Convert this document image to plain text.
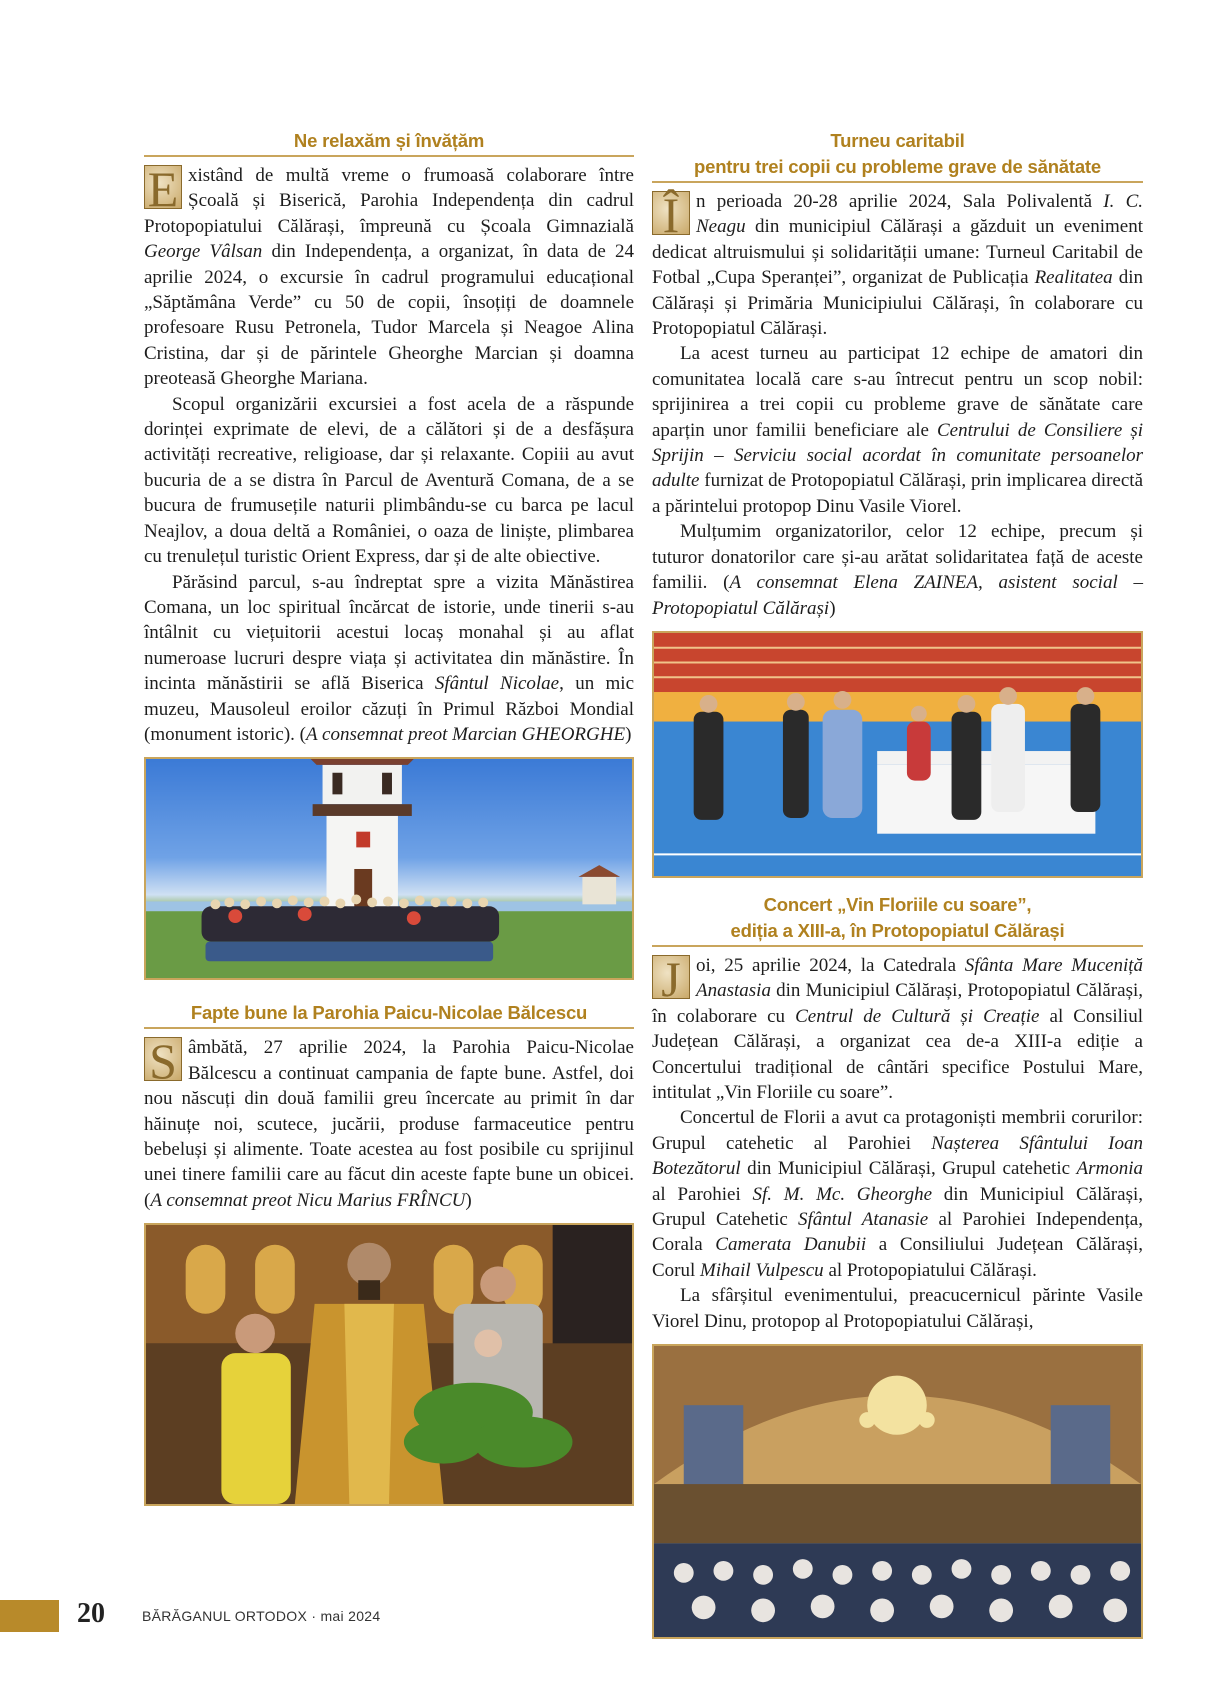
Ne relaxăm și învățăm

E xistând de multă vreme o frumoasă colaborare între Școală și Biserică, Parohia Independența din cadrul Protopopiatului Călărași, împreună cu Școala Gimnazială George Vâlsan din Independența, a organizat, în data de 24 aprilie 2024, o excursie în cadrul programului educațional „Săptămâna Verde” cu 50 de copii, însoțiți de doamnele profesoare Rusu Petronela, Tudor Marcela și Neagoe Alina Cristina, dar și de părintele Gheorghe Marcian și doamna preoteasă Gheorghe Mariana.

Scopul organizării excursiei a fost acela de a răspunde dorinței exprimate de elevi, de a călători și de a desfășura activități recreative, religioase, dar și relaxante. Copiii au avut bucuria de a se distra în Parcul de Aventură Comana, de a se bucura de frumusețile naturii plimbându-se cu barca pe lacul Neajlov, a doua deltă a României, o oaza de liniște, plimbarea cu trenulețul turistic Orient Express, dar și de alte obiective.

Părăsind parcul, s-au îndreptat spre a vizita Mănăstirea Comana, un loc spiritual încărcat de istorie, unde tinerii s-au întâlnit cu viețuitorii acestui locaș monahal și au aflat numeroase lucruri despre viața și activitatea din mănăstire. În incinta mănăstirii se află Biserica Sfântul Nicolae, un mic muzeu, Mausoleul eroilor căzuți în Primul Război Mondial (monument istoric). (A consemnat preot Marcian GHEORGHE)

Fapte bune la Parohia Paicu-Nicolae Bălcescu

S âmbătă, 27 aprilie 2024, la Parohia Paicu-Nicolae Bălcescu a continuat campania de fapte bune. Astfel, doi nou născuți din două familii greu încercate au primit în dar hăinuțe noi, scutece, jucării, produse farmaceutice pentru bebeluși și alimente. Toate acestea au fost posibile cu sprijinul unei tinere familii care au făcut din aceste fapte bune un obicei. (A consemnat preot Nicu Marius FRÎNCU)

Turneu caritabil
pentru trei copii cu probleme grave de sănătate

Î n perioada 20-28 aprilie 2024, Sala Polivalentă I. C. Neagu din municipiul Călărași a găzduit un eveniment dedicat altruismului și solidarității umane: Turneul Caritabil de Fotbal „Cupa Speranței”, organizat de Publicația Realitatea din Călărași și Primăria Municipiului Călărași, în colaborare cu Protopopiatul Călărași.

La acest turneu au participat 12 echipe de amatori din comunitatea locală care s-au întrecut pentru un scop nobil: sprijinirea a trei copii cu probleme grave de sănătate care aparțin unor familii beneficiare ale Centrului de Consiliere și Sprijin – Serviciu social acordat în comunitate persoanelor adulte furnizat de Protopopiatul Călărași, prin implicarea directă a părintelui protopop Dinu Vasile Viorel.

Mulțumim organizatorilor, celor 12 echipe, precum și tuturor donatorilor care și-au arătat solidaritatea față de aceste familii. (A consemnat Elena ZAINEA, asistent social – Protopopiatul Călărași)

Concert „Vin Floriile cu soare”,
ediția a XIII-a, în Protopopiatul Călărași

J oi, 25 aprilie 2024, la Catedrala Sfânta Mare Muceniță Anastasia din Municipiul Călărași, Protopopiatul Călărași, în colaborare cu Centrul de Cultură și Creație al Consiliul Județean Călărași, a organizat cea de-a XIII-a ediție a Concertului tradițional de cântări specifice Postului Mare, intitulat „Vin Floriile cu soare”.

Concertul de Florii a avut ca protagoniști membrii corurilor: Grupul catehetic al Parohiei Nașterea Sfântului Ioan Botezătorul din Municipiul Călărași, Grupul catehetic Armonia al Parohiei Sf. M. Mc. Gheorghe din Municipiul Călărași, Grupul Catehetic Sfântul Atanasie al Parohiei Independența, Corala Camerata Danubii a Consiliului Județean Călărași, Corul Mihail Vulpescu al Protopopiatului Călărași.

La sfârșitul evenimentului, preacucernicul părinte Vasile Viorel Dinu, protopop al Protopopiatului Călărași,

20	BĂRĂGANUL ORTODOX · mai 2024
